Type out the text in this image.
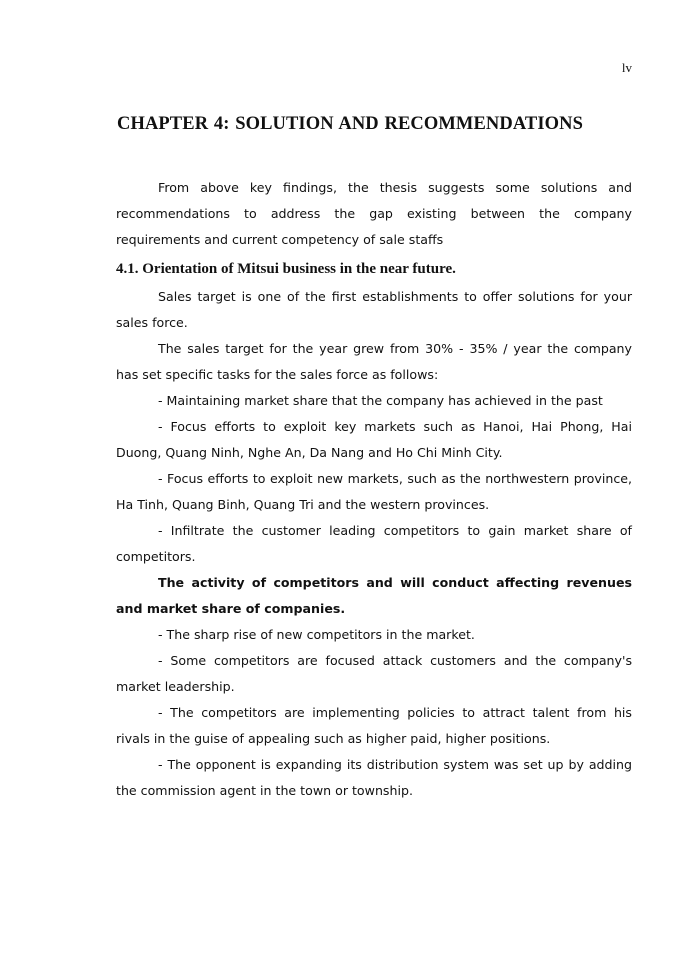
lv
CHAPTER 4: SOLUTION AND RECOMMENDATIONS

From above key findings, the thesis suggests some solutions and recommendations to address the gap existing between the company requirements and current competency of sale staffs

4.1. Orientation of Mitsui business in the near future.

Sales target is one of the first establishments to offer solutions for your sales force.

The sales target for the year grew from 30% - 35% / year the company has set specific tasks for the sales force as follows:

- Maintaining market share that the company has achieved in the past

- Focus efforts to exploit key markets such as Hanoi, Hai Phong, Hai Duong, Quang Ninh, Nghe An, Da Nang and Ho Chi Minh City.

- Focus efforts to exploit new markets, such as the northwestern province, Ha Tinh, Quang Binh, Quang Tri and the western provinces.

- Infiltrate the customer leading competitors to gain market share of competitors.

The activity of competitors and will conduct affecting revenues and market share of companies.

- The sharp rise of new competitors in the market.

- Some competitors are focused attack customers and the company's market leadership.

- The competitors are implementing policies to attract talent from his rivals in the guise of appealing such as higher paid, higher positions.

- The opponent is expanding its distribution system was set up by adding the commission agent in the town or township.
